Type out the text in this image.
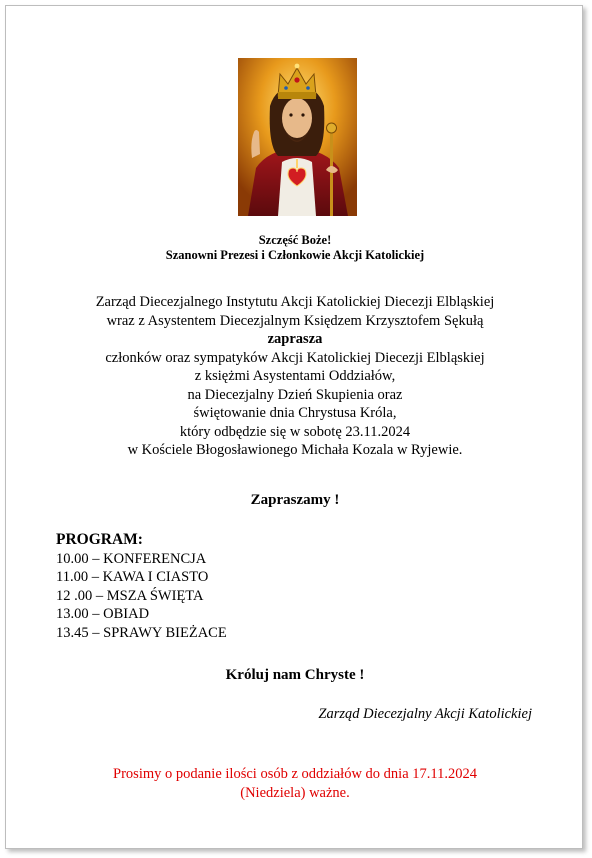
Szczęść Boże!
Szanowni Prezesi i Członkowie Akcji Katolickiej
Zarząd Diecezjalnego Instytutu Akcji Katolickiej Diecezji Elbląskiej
wraz z Asystentem Diecezjalnym Księdzem Krzysztofem Sękułą
zaprasza
członków oraz sympatyków Akcji Katolickiej Diecezji Elbląskiej
z księżmi Asystentami Oddziałów,
na Diecezjalny Dzień Skupienia oraz
świętowanie dnia Chrystusa Króla,
który odbędzie się w sobotę 23.11.2024
w Kościele Błogosławionego Michała Kozala w Ryjewie.
Zapraszamy !
PROGRAM:
10.00 – KONFERENCJA
11.00 – KAWA I CIASTO
12 .00 – MSZA ŚWIĘTA
13.00 – OBIAD
13.45 – SPRAWY BIEŻACE
Króluj nam Chryste !
Zarząd Diecezjalny Akcji Katolickiej
Prosimy o podanie ilości osób z oddziałów do dnia 17.11.2024
(Niedziela) ważne.
